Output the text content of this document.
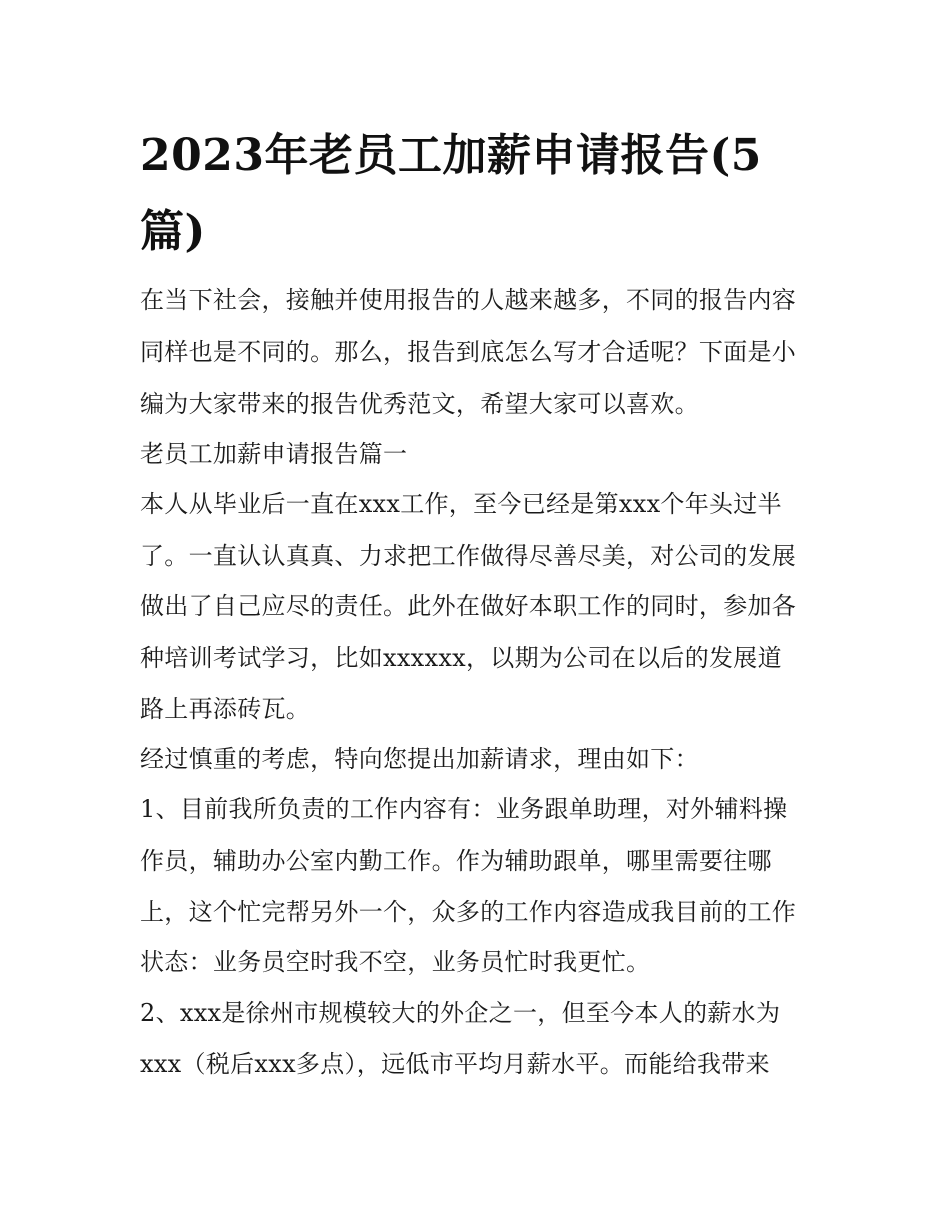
2023年老员工加薪申请报告(5
篇)

在当下社会，接触并使用报告的人越来越多，不同的报告内容

同样也是不同的。那么，报告到底怎么写才合适呢？下面是小

编为大家带来的报告优秀范文，希望大家可以喜欢。

老员工加薪申请报告篇一

本人从毕业后一直在xxx工作，至今已经是第xxx个年头过半

了。一直认认真真、力求把工作做得尽善尽美，对公司的发展

做出了自己应尽的责任。此外在做好本职工作的同时，参加各

种培训考试学习，比如xxxxxx，以期为公司在以后的发展道

路上再添砖瓦。

经过慎重的考虑，特向您提出加薪请求，理由如下：

1、目前我所负责的工作内容有：业务跟单助理，对外辅料操

作员，辅助办公室内勤工作。作为辅助跟单，哪里需要往哪

上，这个忙完帮另外一个，众多的工作内容造成我目前的工作

状态：业务员空时我不空，业务员忙时我更忙。

2、xxx是徐州市规模较大的外企之一，但至今本人的薪水为

xxx（税后xxx多点），远低市平均月薪水平。而能给我带来
